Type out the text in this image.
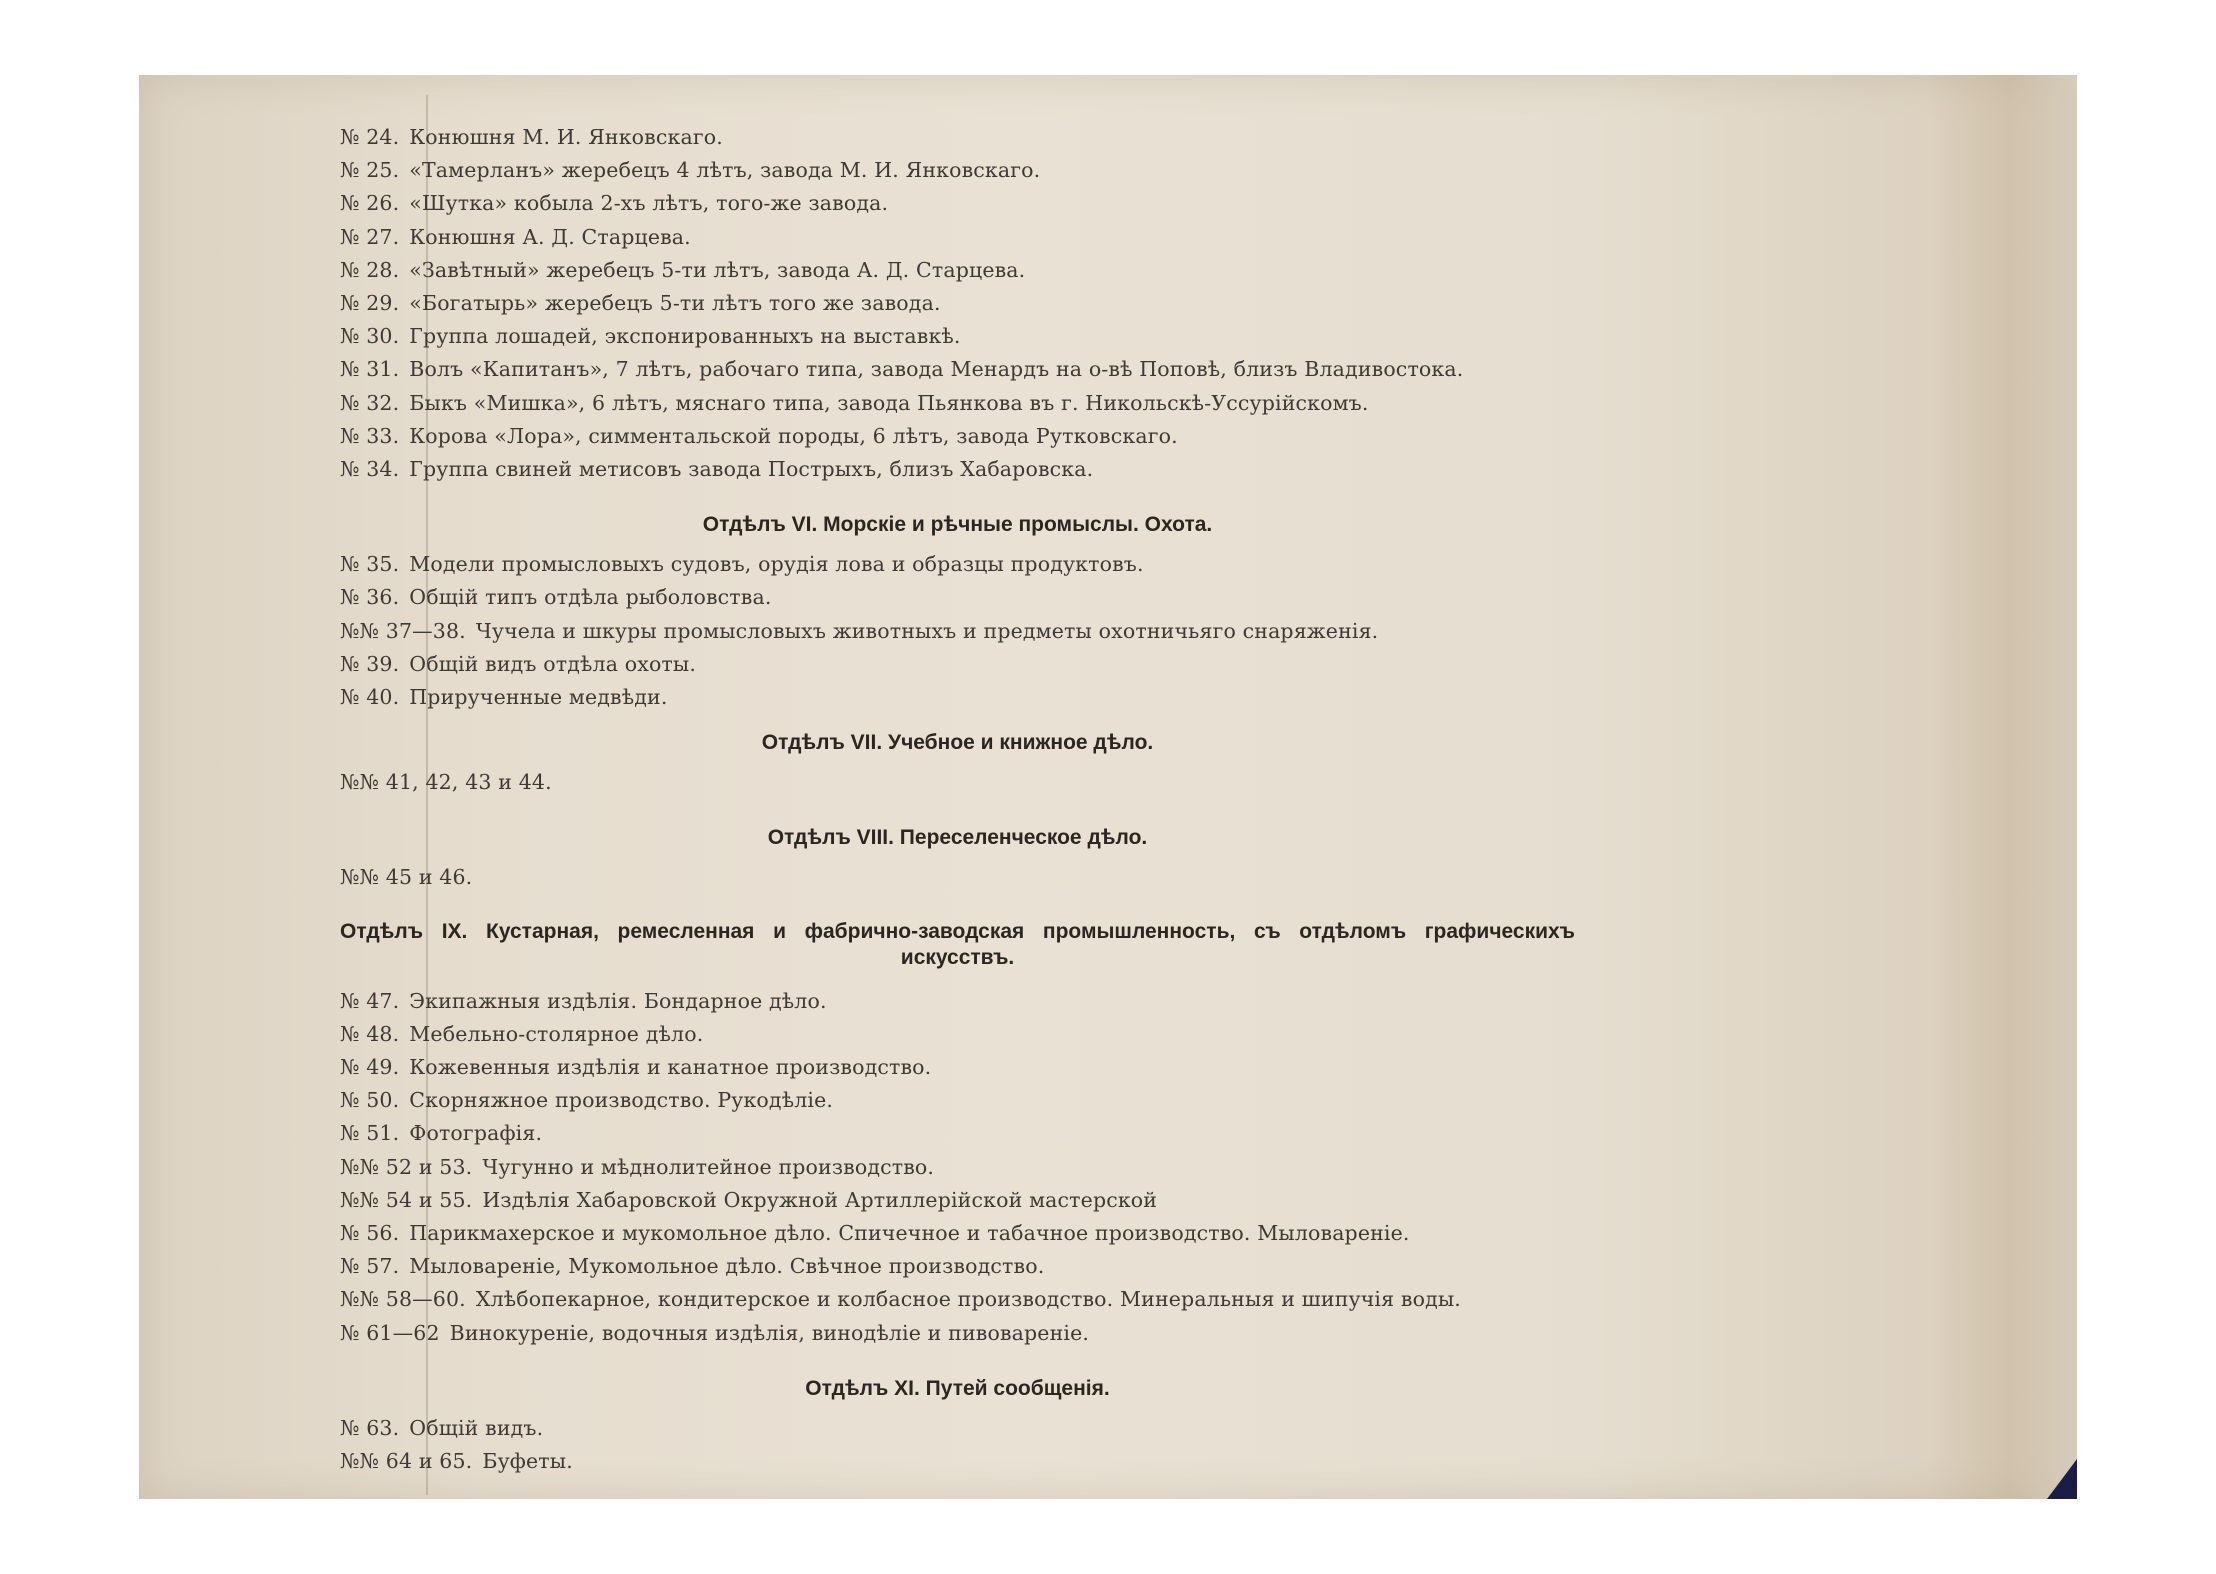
№ 24. Конюшня М. И. Янковскаго.
№ 25. «Тамерланъ» жеребецъ 4 лѣтъ, завода М. И. Янковскаго.
№ 26. «Шутка» кобыла 2-хъ лѣтъ, того-же завода.
№ 27. Конюшня А. Д. Старцева.
№ 28. «Завѣтный» жеребецъ 5-ти лѣтъ, завода А. Д. Старцева.
№ 29. «Богатырь» жеребецъ 5-ти лѣтъ того же завода.
№ 30. Группа лошадей, экспонированныхъ на выставкѣ.
№ 31. Волъ «Капитанъ», 7 лѣтъ, рабочаго типа, завода Менардъ на о-вѣ Поповѣ, близъ Владивостока.
№ 32. Быкъ «Мишка», 6 лѣтъ, мяснаго типа, завода Пьянкова въ г. Никольскѣ-Уссурійскомъ.
№ 33. Корова «Лора», симментальской породы, 6 лѣтъ, завода Рутковскаго.
№ 34. Группа свиней метисовъ завода Пострыхъ, близъ Хабаровска.
Отдѣлъ VI. Морскіе и рѣчные промыслы. Охота.
№ 35. Модели промысловыхъ судовъ, орудія лова и образцы продуктовъ.
№ 36. Общій типъ отдѣла рыболовства.
№№ 37—38. Чучела и шкуры промысловыхъ животныхъ и предметы охотничьяго снаряженія.
№ 39. Общій видъ отдѣла охоты.
№ 40. Прирученные медвѣди.
Отдѣлъ VII. Учебное и книжное дѣло.
№№ 41, 42, 43 и 44.
Отдѣлъ VIII. Переселенческое дѣло.
№№ 45 и 46.
Отдѣлъ IX. Кустарная, ремесленная и фабрично-заводская промышленность, съ отдѣломъ графическихъ
искусствъ.
№ 47. Экипажныя издѣлія. Бондарное дѣло.
№ 48. Мебельно-столярное дѣло.
№ 49. Кожевенныя издѣлія и канатное производство.
№ 50. Скорняжное производство. Рукодѣліе.
№ 51. Фотографія.
№№ 52 и 53. Чугунно и мѣднолитейное производство.
№№ 54 и 55. Издѣлія Хабаровской Окружной Артиллерійской мастерской
№ 56. Парикмахерское и мукомольное дѣло. Спичечное и табачное производство. Мыловареніе.
№ 57. Мыловареніе, Мукомольное дѣло. Свѣчное производство.
№№ 58—60. Хлѣбопекарное, кондитерское и колбасное производство. Минеральныя и шипучія воды.
№ 61—62 Винокуреніе, водочныя издѣлія, винодѣліе и пивовареніе.
Отдѣлъ XI. Путей сообщенія.
№ 63. Общій видъ.
№№ 64 и 65. Буфеты.
